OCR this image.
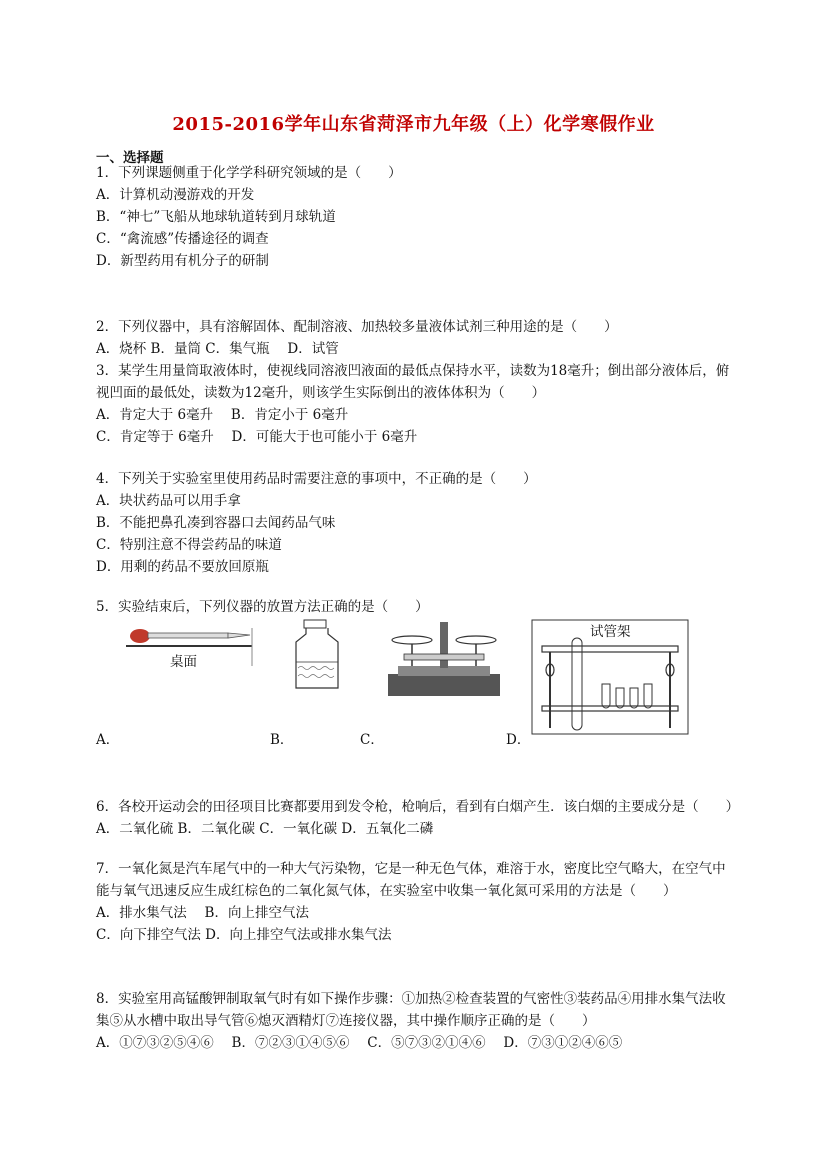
2015-2016学年山东省菏泽市九年级（上）化学寒假作业
一、选择题
1．下列课题侧重于化学学科研究领域的是（　　）
A．计算机动漫游戏的开发
B．“神七”飞船从地球轨道转到月球轨道
C．“禽流感”传播途径的调查
D．新型药用有机分子的研制
2．下列仪器中，具有溶解固体、配制溶液、加热较多量液体试剂三种用途的是（　　）
A．烧杯 B．量筒 C．集气瓶　 D．试管
3．某学生用量筒取液体时，使视线同溶液凹液面的最低点保持水平，读数为18毫升；倒出部分液体后，俯视凹面的最低处，读数为12毫升，则该学生实际倒出的液体体积为（　　）
A．肯定大于 6毫升　 B．肯定小于 6毫升
C．肯定等于 6毫升　 D．可能大于也可能小于 6毫升
4．下列关于实验室里使用药品时需要注意的事项中，不正确的是（　　）
A．块状药品可以用手拿
B．不能把鼻孔凑到容器口去闻药品气味
C．特别注意不得尝药品的味道
D．用剩的药品不要放回原瓶
5．实验结束后，下列仪器的放置方法正确的是（　　）
桌面
试管架
A．	B．	C．	D．
6．各校开运动会的田径项目比赛都要用到发令枪，枪响后，看到有白烟产生．该白烟的主要成分是（　　）
A．二氧化硫 B．二氧化碳 C．一氧化碳 D．五氧化二磷
7．一氧化氮是汽车尾气中的一种大气污染物，它是一种无色气体，难溶于水，密度比空气略大，在空气中能与氧气迅速反应生成红棕色的二氧化氮气体，在实验室中收集一氧化氮可采用的方法是（　　）
A．排水集气法　 B．向上排空气法
C．向下排空气法 D．向上排空气法或排水集气法
8．实验室用高锰酸钾制取氧气时有如下操作步骤：①加热②检查装置的气密性③装药品④用排水集气法收集⑤从水槽中取出导气管⑥熄灭酒精灯⑦连接仪器，其中操作顺序正确的是（　　）
A．①⑦③②⑤④⑥　 B．⑦②③①④⑤⑥　 C．⑤⑦③②①④⑥　 D．⑦③①②④⑥⑤
